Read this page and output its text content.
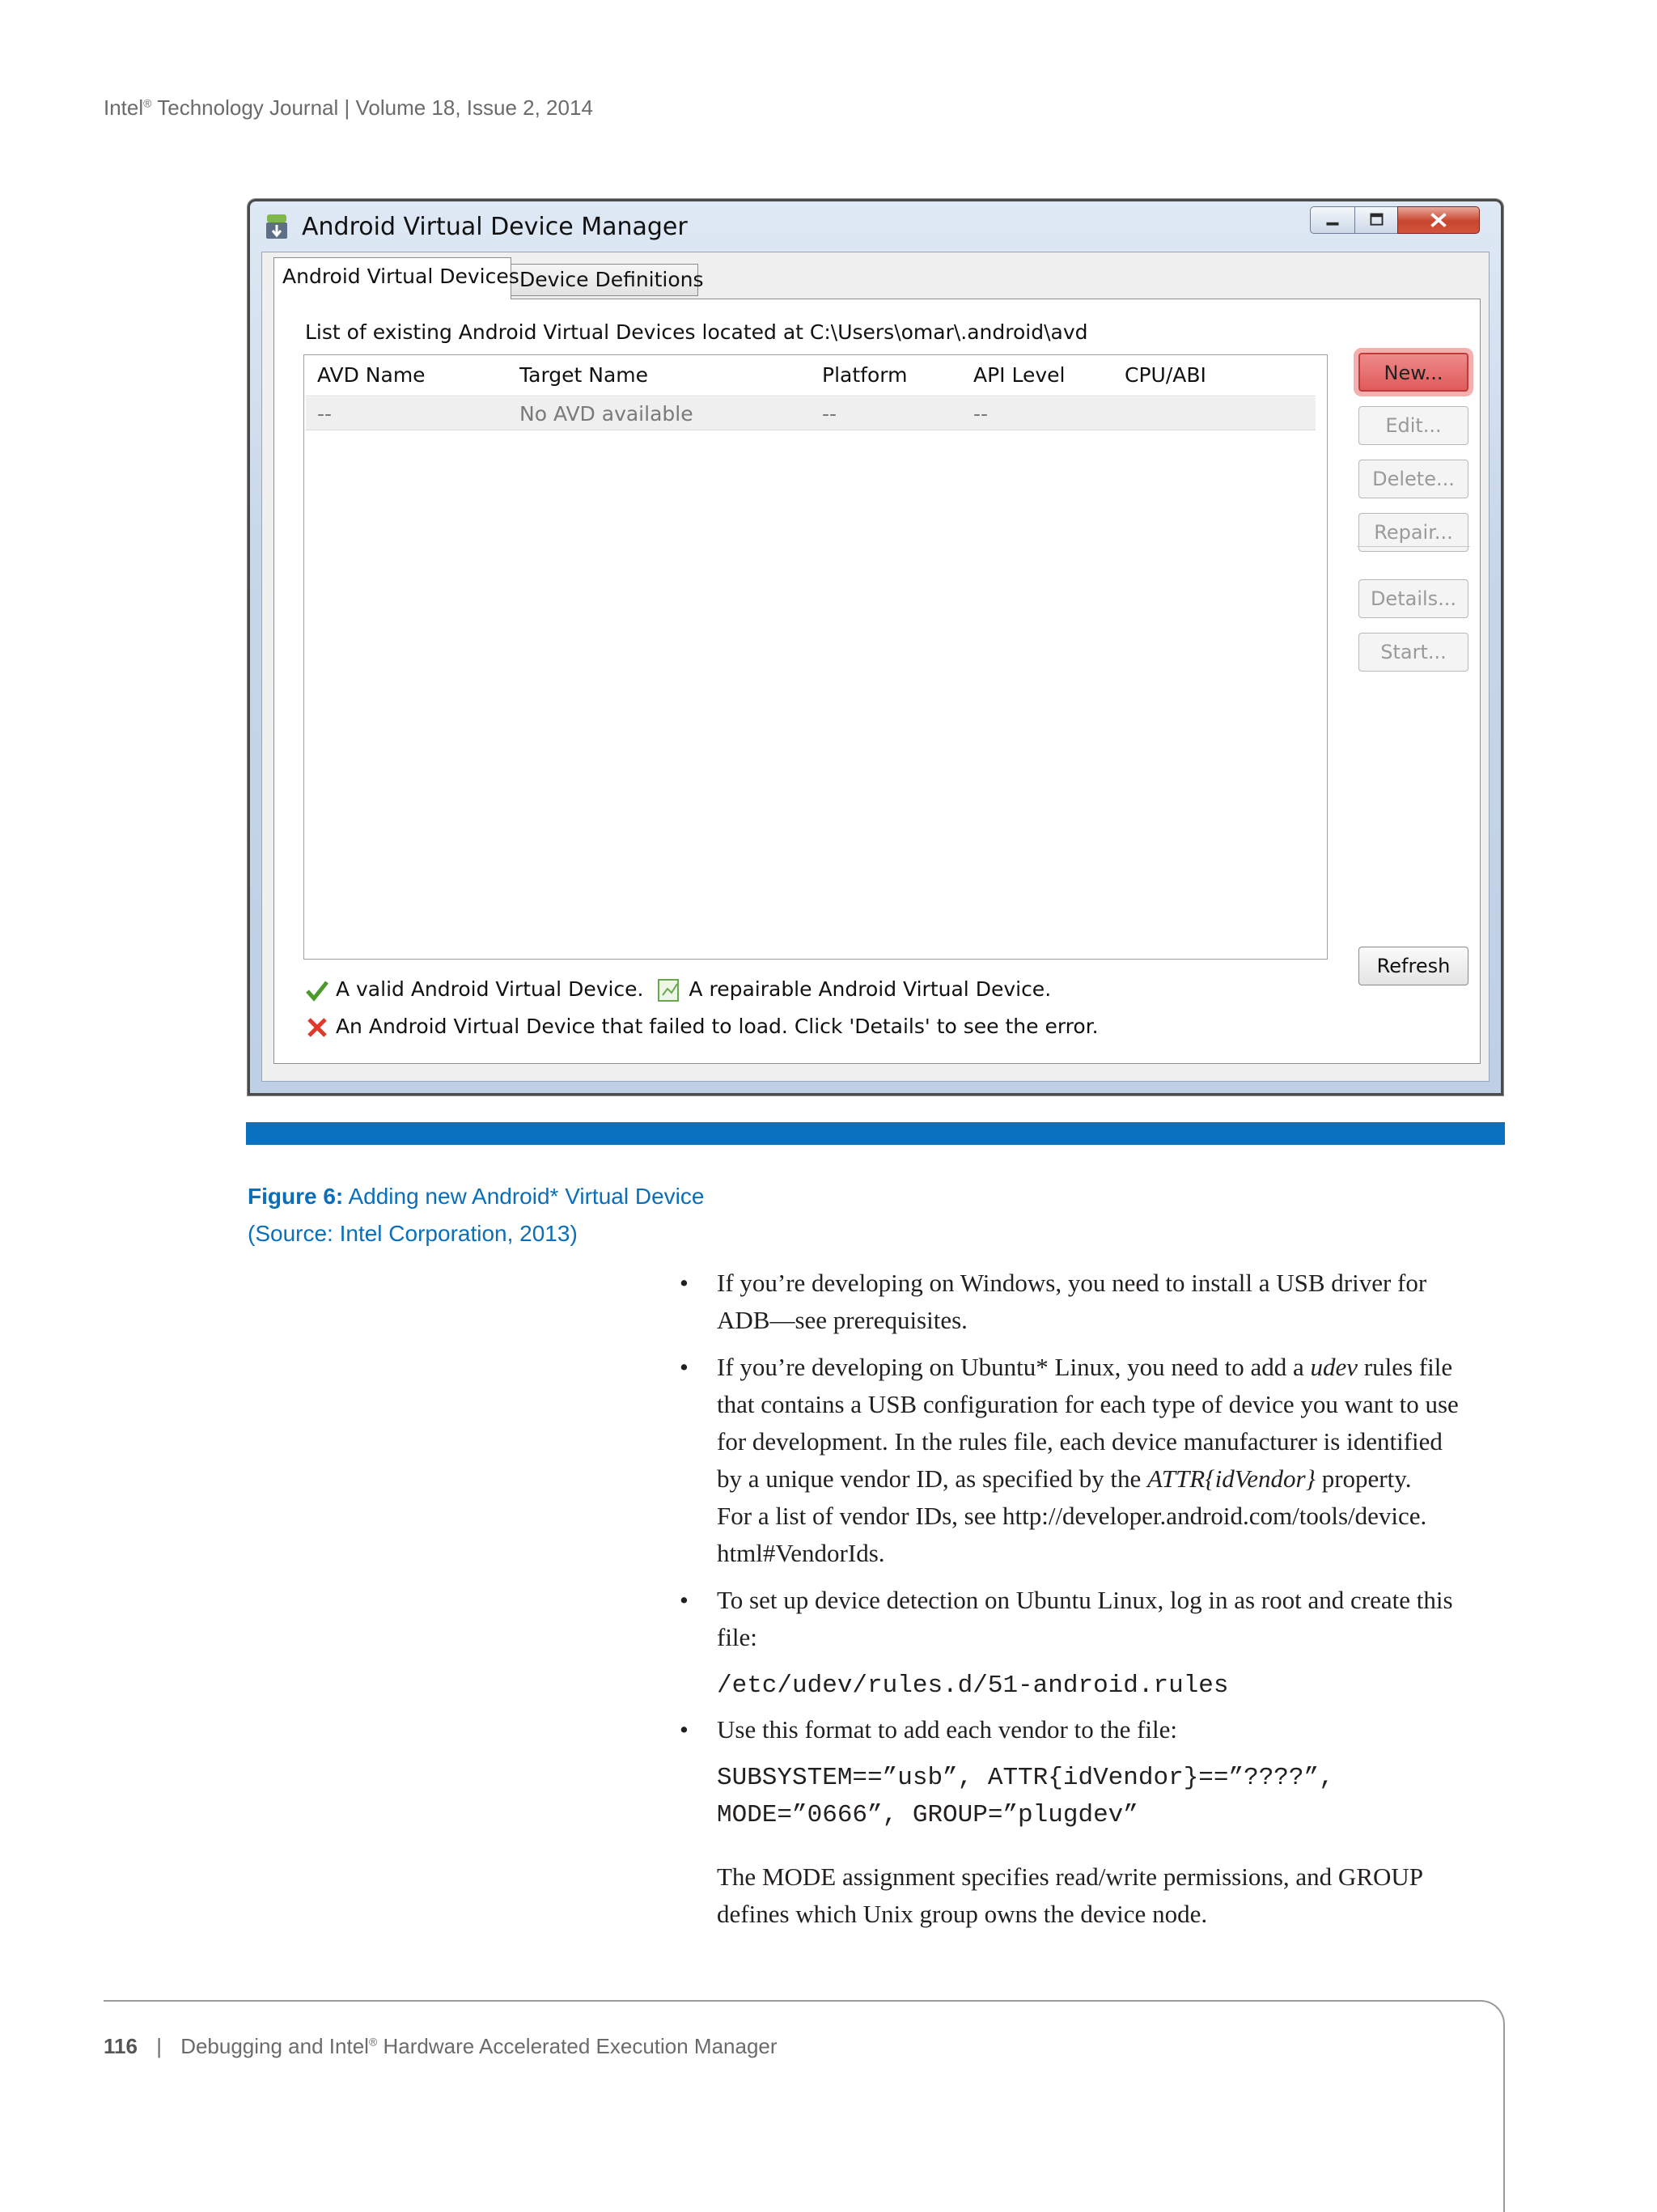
Intel® Technology Journal | Volume 18, Issue 2, 2014
Android Virtual Device Manager
Android Virtual Devices Device Definitions
List of existing Android Virtual Devices located at C:\Users\omar\.android\avd
AVD Name	Target Name	Platform	API Level	CPU/ABI
--	No AVD available	--	--
New...
Edit...
Delete...
Repair...
Details...
Start...
Refresh
A valid Android Virtual Device. A repairable Android Virtual Device.
An Android Virtual Device that failed to load. Click 'Details' to see the error.
Figure 6: Adding new Android* Virtual Device
(Source: Intel Corporation, 2013)
• If you’re developing on Windows, you need to install a USB driver for
ADB—see prerequisites.
• If you’re developing on Ubuntu* Linux, you need to add a udev rules file
that contains a USB configuration for each type of device you want to use
for development. In the rules file, each device manufacturer is identified
by a unique vendor ID, as specified by the ATTR{idVendor} property.
For a list of vendor IDs, see http://developer.android.com/tools/device.
html#VendorIds.
• To set up device detection on Ubuntu Linux, log in as root and create this
file:
/etc/udev/rules.d/51-android.rules
• Use this format to add each vendor to the file:
SUBSYSTEM==”usb”, ATTR{idVendor}==”????”,
MODE=”0666”, GROUP=”plugdev”
The MODE assignment specifies read/write permissions, and GROUP
defines which Unix group owns the device node.
116 | Debugging and Intel® Hardware Accelerated Execution Manager
